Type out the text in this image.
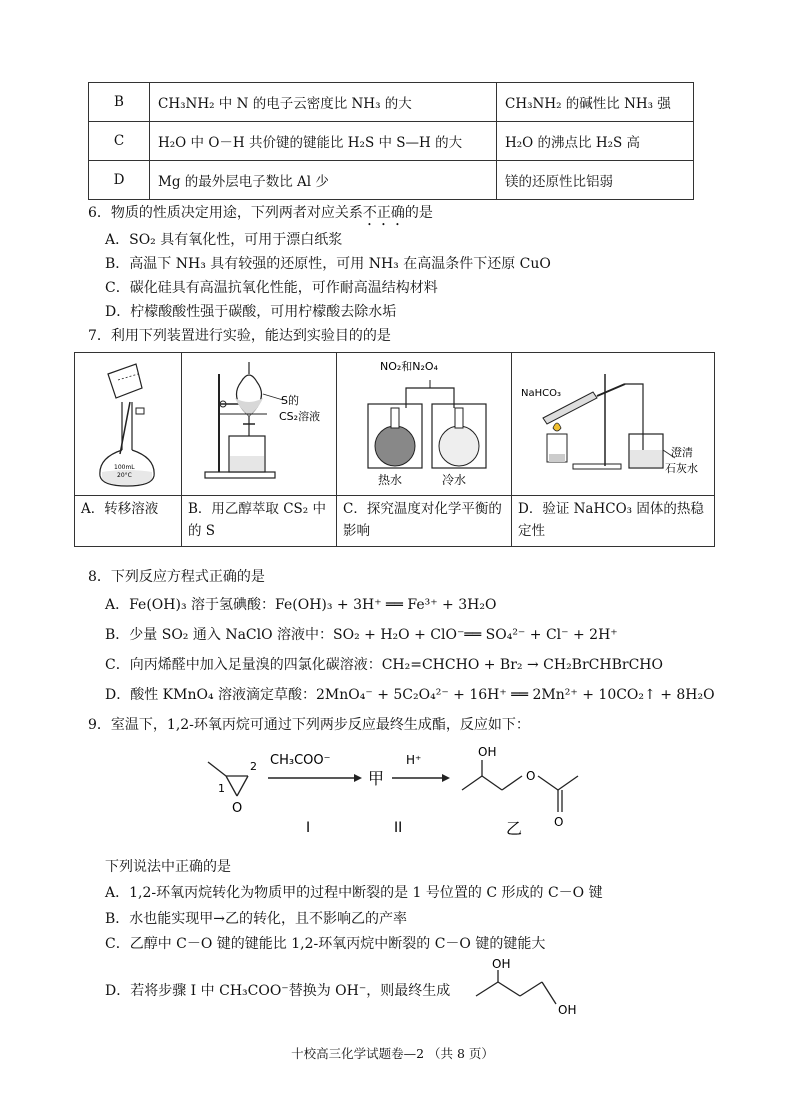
B	CH₃NH₂ 中 N 的电子云密度比 NH₃ 的大	CH₃NH₂ 的碱性比 NH₃ 强
C	H₂O 中 O－H 共价键的键能比 H₂S 中 S—H 的大	H₂O 的沸点比 H₂S 高
D	Mg 的最外层电子数比 Al 少	镁的还原性比铝弱
6．物质的性质决定用途，下列两者对应关系不正确的是
A．SO₂ 具有氧化性，可用于漂白纸浆
B．高温下 NH₃ 具有较强的还原性，可用 NH₃ 在高温条件下还原 CuO
C．碳化硅具有高温抗氧化性能，可作耐高温结构材料
D．柠檬酸酸性强于碳酸，可用柠檬酸去除水垢
7．利用下列装置进行实验，能达到实验目的的是
100mL
20°C	S的
CS₂溶液	NO₂和N₂O₄
热水 冷水	NaHCO₃
澄清
石灰水

A．转移溶液	B．用乙醇萃取 CS₂ 中的 S	C．探究温度对化学平衡的影响	D．验证 NaHCO₃ 固体的热稳定性
8．下列反应方程式正确的是
A．Fe(OH)₃ 溶于氢碘酸：Fe(OH)₃ + 3H⁺ ══ Fe³⁺ + 3H₂O
B．少量 SO₂ 通入 NaClO 溶液中：SO₂ + H₂O + ClO⁻══ SO₄²⁻ + Cl⁻ + 2H⁺
C．向丙烯醛中加入足量溴的四氯化碳溶液：CH₂=CHCHO + Br₂ → CH₂BrCHBrCHO
D．酸性 KMnO₄ 溶液滴定草酸：2MnO₄⁻ + 5C₂O₄²⁻ + 16H⁺ ══ 2Mn²⁺ + 10CO₂↑ + 8H₂O
9．室温下，1,2-环氧丙烷可通过下列两步反应最终生成酯，反应如下：
O
1
2 CH₃COO⁻
I
甲
H⁺
II
OH
O
O
乙
下列说法中正确的是
A．1,2-环氧丙烷转化为物质甲的过程中断裂的是 1 号位置的 C 形成的 C－O 键
B．水也能实现甲→乙的转化，且不影响乙的产率
C．乙醇中 C－O 键的键能比 1,2-环氧丙烷中断裂的 C－O 键的键能大
D．若将步骤 I 中 CH₃COO⁻替换为 OH⁻，则最终生成
OH
OH
十校高三化学试题卷—2 （共 8 页）
